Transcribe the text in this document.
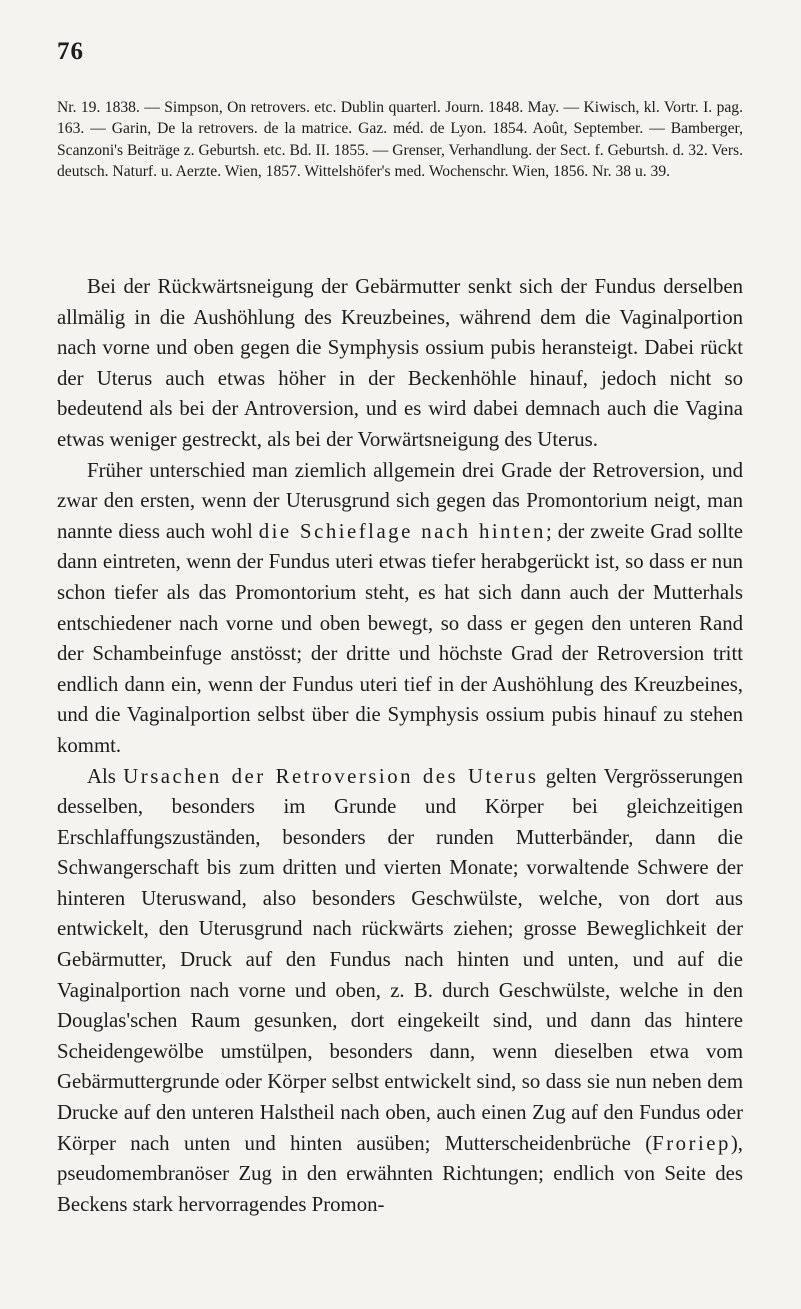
76

Nr. 19. 1838. — Simpson, On retrovers. etc. Dublin quarterl. Journ. 1848. May. — Kiwisch, kl. Vortr. I. pag. 163. — Garin, De la retrovers. de la matrice. Gaz. méd. de Lyon. 1854. Août, September. — Bamberger, Scanzoni's Beiträge z. Geburtsh. etc. Bd. II. 1855. — Grenser, Verhandlung. der Sect. f. Geburtsh. d. 32. Vers. deutsch. Naturf. u. Aerzte. Wien, 1857. Wittelshöfer's med. Wochenschr. Wien, 1856. Nr. 38 u. 39.

Bei der Rückwärtsneigung der Gebärmutter senkt sich der Fundus derselben allmälig in die Aushöhlung des Kreuzbeines, während dem die Vaginalportion nach vorne und oben gegen die Symphysis ossium pubis heransteigt. Dabei rückt der Uterus auch etwas höher in der Beckenhöhle hinauf, jedoch nicht so bedeutend als bei der Antroversion, und es wird dabei demnach auch die Vagina etwas weniger gestreckt, als bei der Vorwärtsneigung des Uterus.

Früher unterschied man ziemlich allgemein drei Grade der Retroversion, und zwar den ersten, wenn der Uterusgrund sich gegen das Promontorium neigt, man nannte diess auch wohl die Schieflage nach hinten; der zweite Grad sollte dann eintreten, wenn der Fundus uteri etwas tiefer herabgerückt ist, so dass er nun schon tiefer als das Promontorium steht, es hat sich dann auch der Mutterhals entschiedener nach vorne und oben bewegt, so dass er gegen den unteren Rand der Schambeinfuge anstösst; der dritte und höchste Grad der Retroversion tritt endlich dann ein, wenn der Fundus uteri tief in der Aushöhlung des Kreuzbeines, und die Vaginalportion selbst über die Symphysis ossium pubis hinauf zu stehen kommt.

Als Ursachen der Retroversion des Uterus gelten Vergrösserungen desselben, besonders im Grunde und Körper bei gleichzeitigen Erschlaffungszuständen, besonders der runden Mutterbänder, dann die Schwangerschaft bis zum dritten und vierten Monate; vorwaltende Schwere der hinteren Uteruswand, also besonders Geschwülste, welche, von dort aus entwickelt, den Uterusgrund nach rückwärts ziehen; grosse Beweglichkeit der Gebärmutter, Druck auf den Fundus nach hinten und unten, und auf die Vaginalportion nach vorne und oben, z. B. durch Geschwülste, welche in den Douglas'schen Raum gesunken, dort eingekeilt sind, und dann das hintere Scheidengewölbe umstülpen, besonders dann, wenn dieselben etwa vom Gebärmuttergrunde oder Körper selbst entwickelt sind, so dass sie nun neben dem Drucke auf den unteren Halstheil nach oben, auch einen Zug auf den Fundus oder Körper nach unten und hinten ausüben; Mutterscheidenbrüche (Froriep), pseudomembranöser Zug in den erwähnten Richtungen; endlich von Seite des Beckens stark hervorragendes Promon-
